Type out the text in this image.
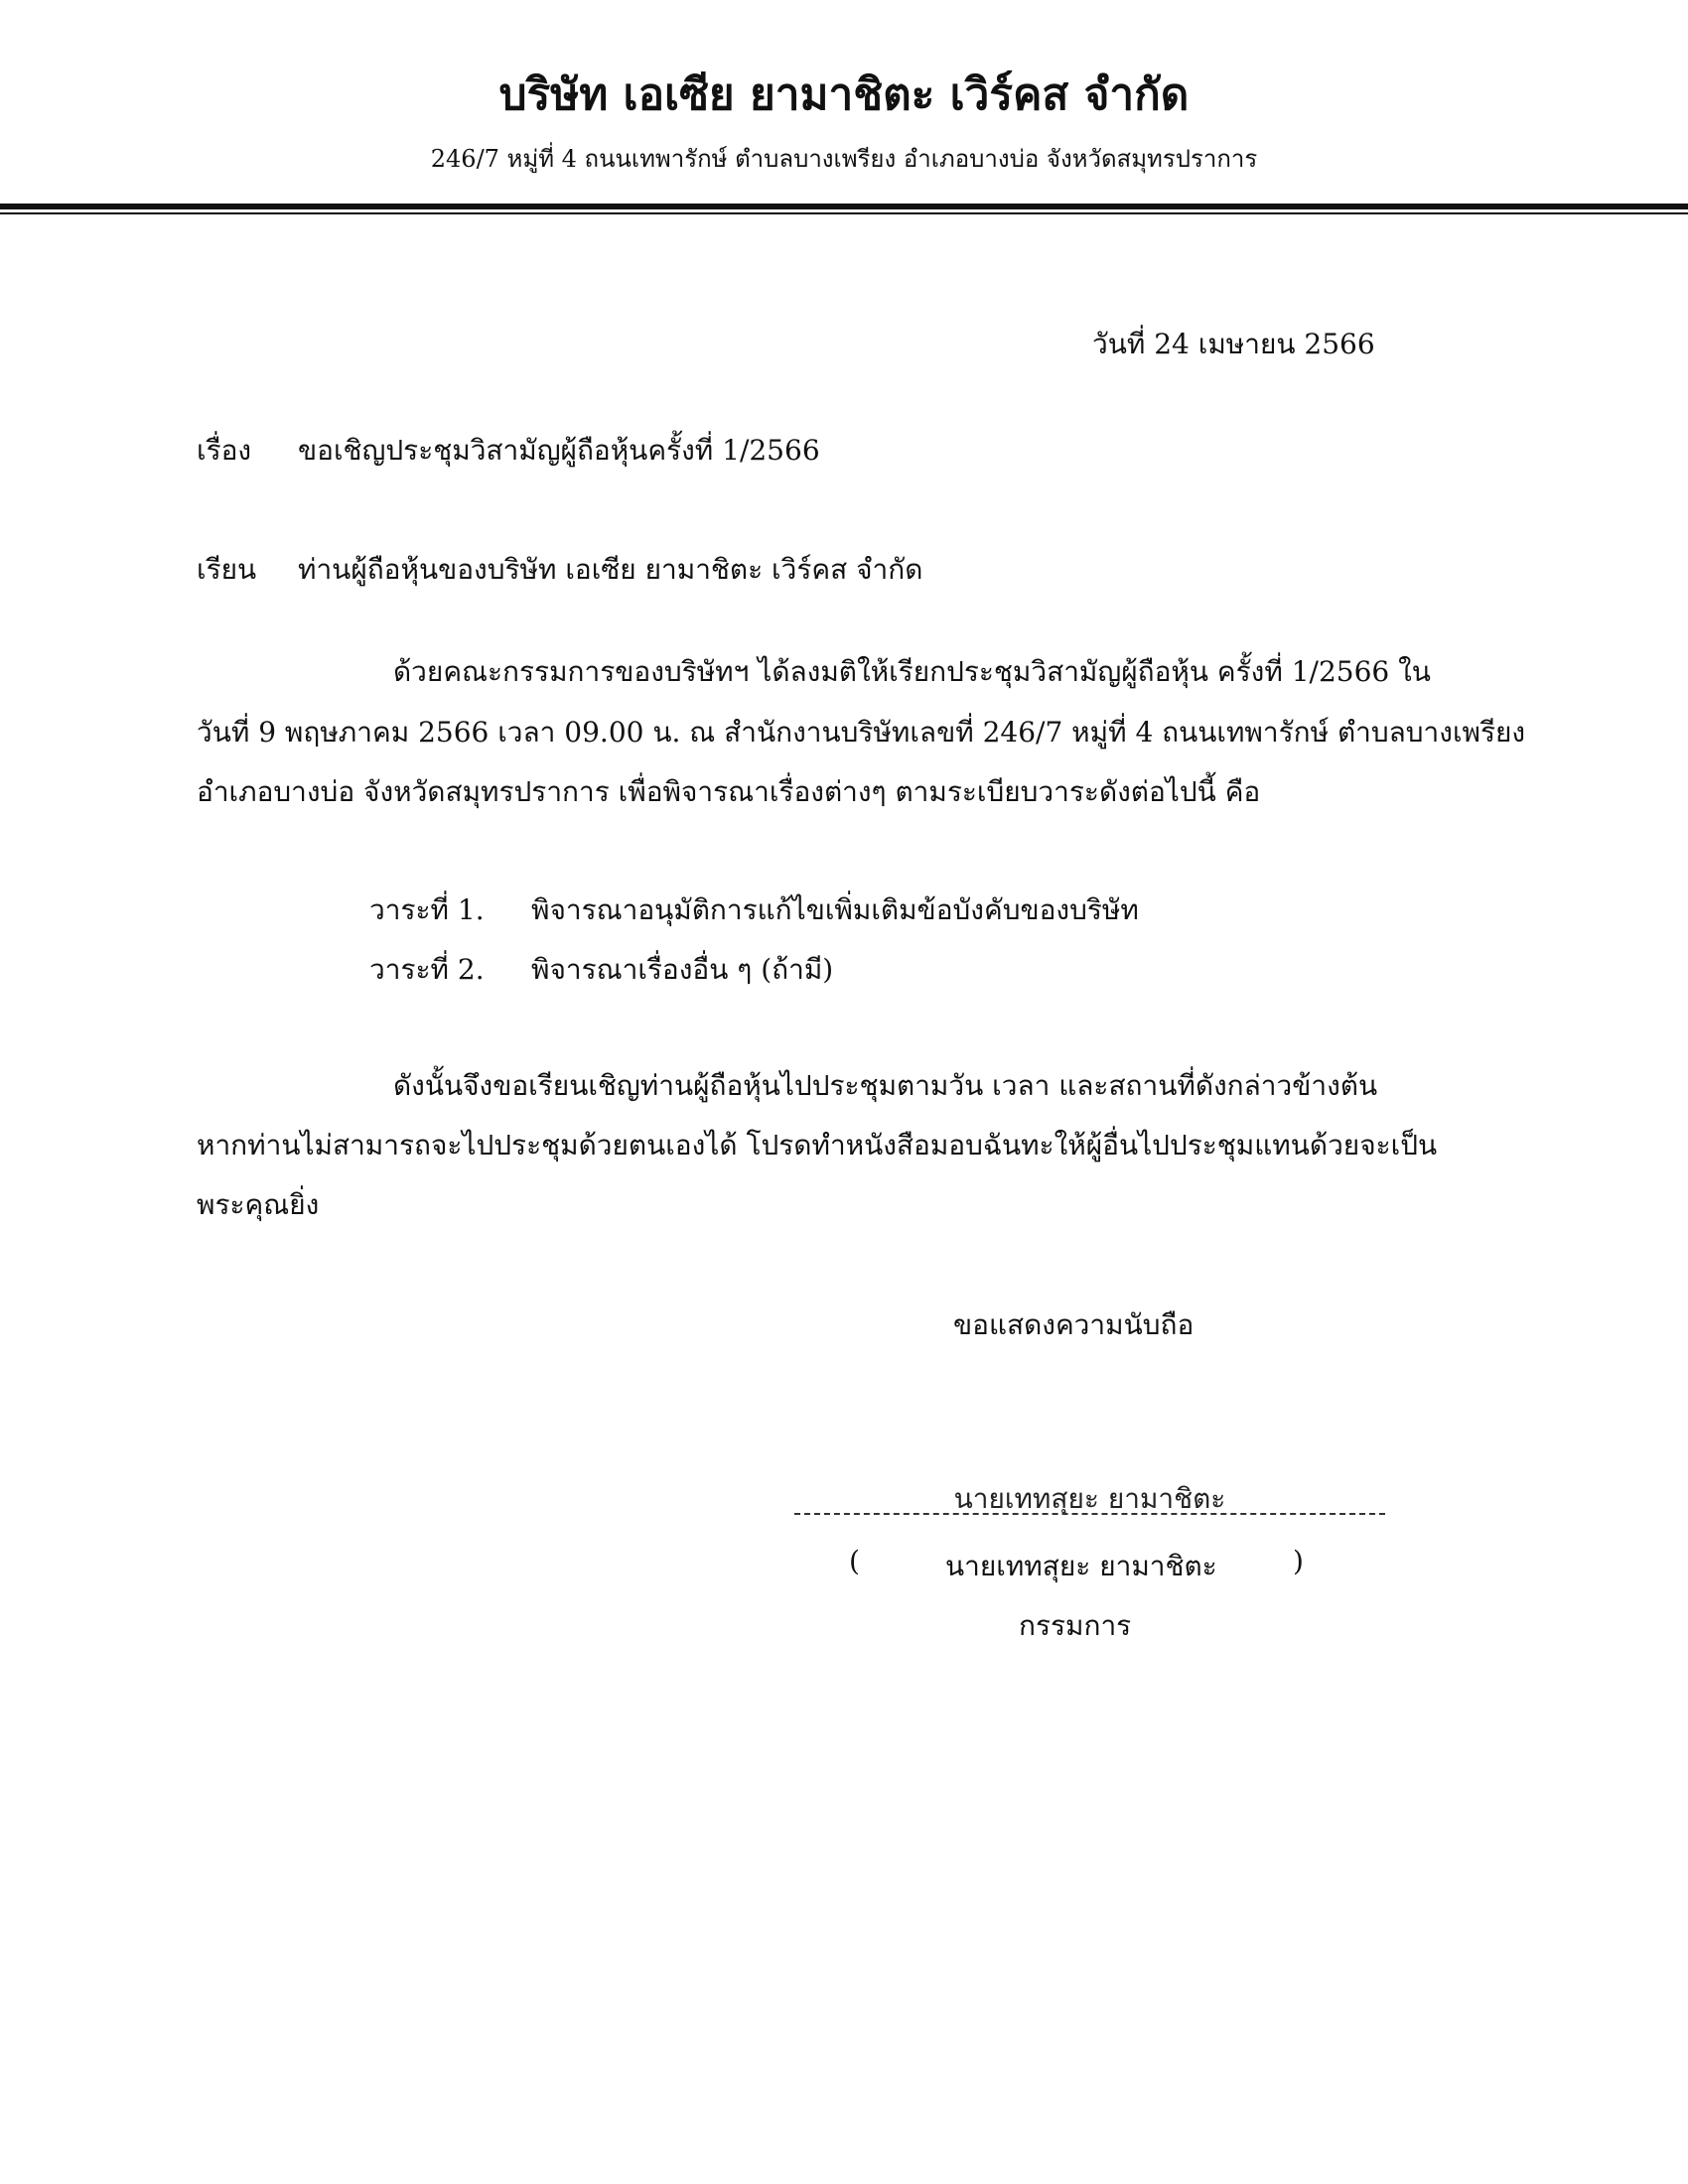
บริษัท เอเซีย ยามาชิตะ เวิร์คส จำกัด
246/7 หมู่ที่ 4 ถนนเทพารักษ์ ตำบลบางเพรียง อำเภอบางบ่อ จังหวัดสมุทรปราการ
วันที่ 24 เมษายน 2566
เรื่อง ขอเชิญประชุมวิสามัญผู้ถือหุ้นครั้งที่ 1/2566
เรียน ท่านผู้ถือหุ้นของบริษัท เอเซีย ยามาชิตะ เวิร์คส จำกัด
ด้วยคณะกรรมการของบริษัทฯ ได้ลงมติให้เรียกประชุมวิสามัญผู้ถือหุ้น ครั้งที่ 1/2566 ใน
วันที่ 9 พฤษภาคม 2566 เวลา 09.00 น. ณ สำนักงานบริษัทเลขที่ 246/7 หมู่ที่ 4 ถนนเทพารักษ์ ตำบลบางเพรียง
อำเภอบางบ่อ จังหวัดสมุทรปราการ เพื่อพิจารณาเรื่องต่างๆ ตามระเบียบวาระดังต่อไปนี้ คือ
วาระที่ 1. พิจารณาอนุมัติการแก้ไขเพิ่มเติมข้อบังคับของบริษัท
วาระที่ 2. พิจารณาเรื่องอื่น ๆ (ถ้ามี)
ดังนั้นจึงขอเรียนเชิญท่านผู้ถือหุ้นไปประชุมตามวัน เวลา และสถานที่ดังกล่าวข้างต้น
หากท่านไม่สามารถจะไปประชุมด้วยตนเองได้ โปรดทำหนังสือมอบฉันทะให้ผู้อื่นไปประชุมแทนด้วยจะเป็น
พระคุณยิ่ง
ขอแสดงความนับถือ
นายเททสุยะ ยามาชิตะ
(	นายเททสุยะ ยามาชิตะ	)
กรรมการ
